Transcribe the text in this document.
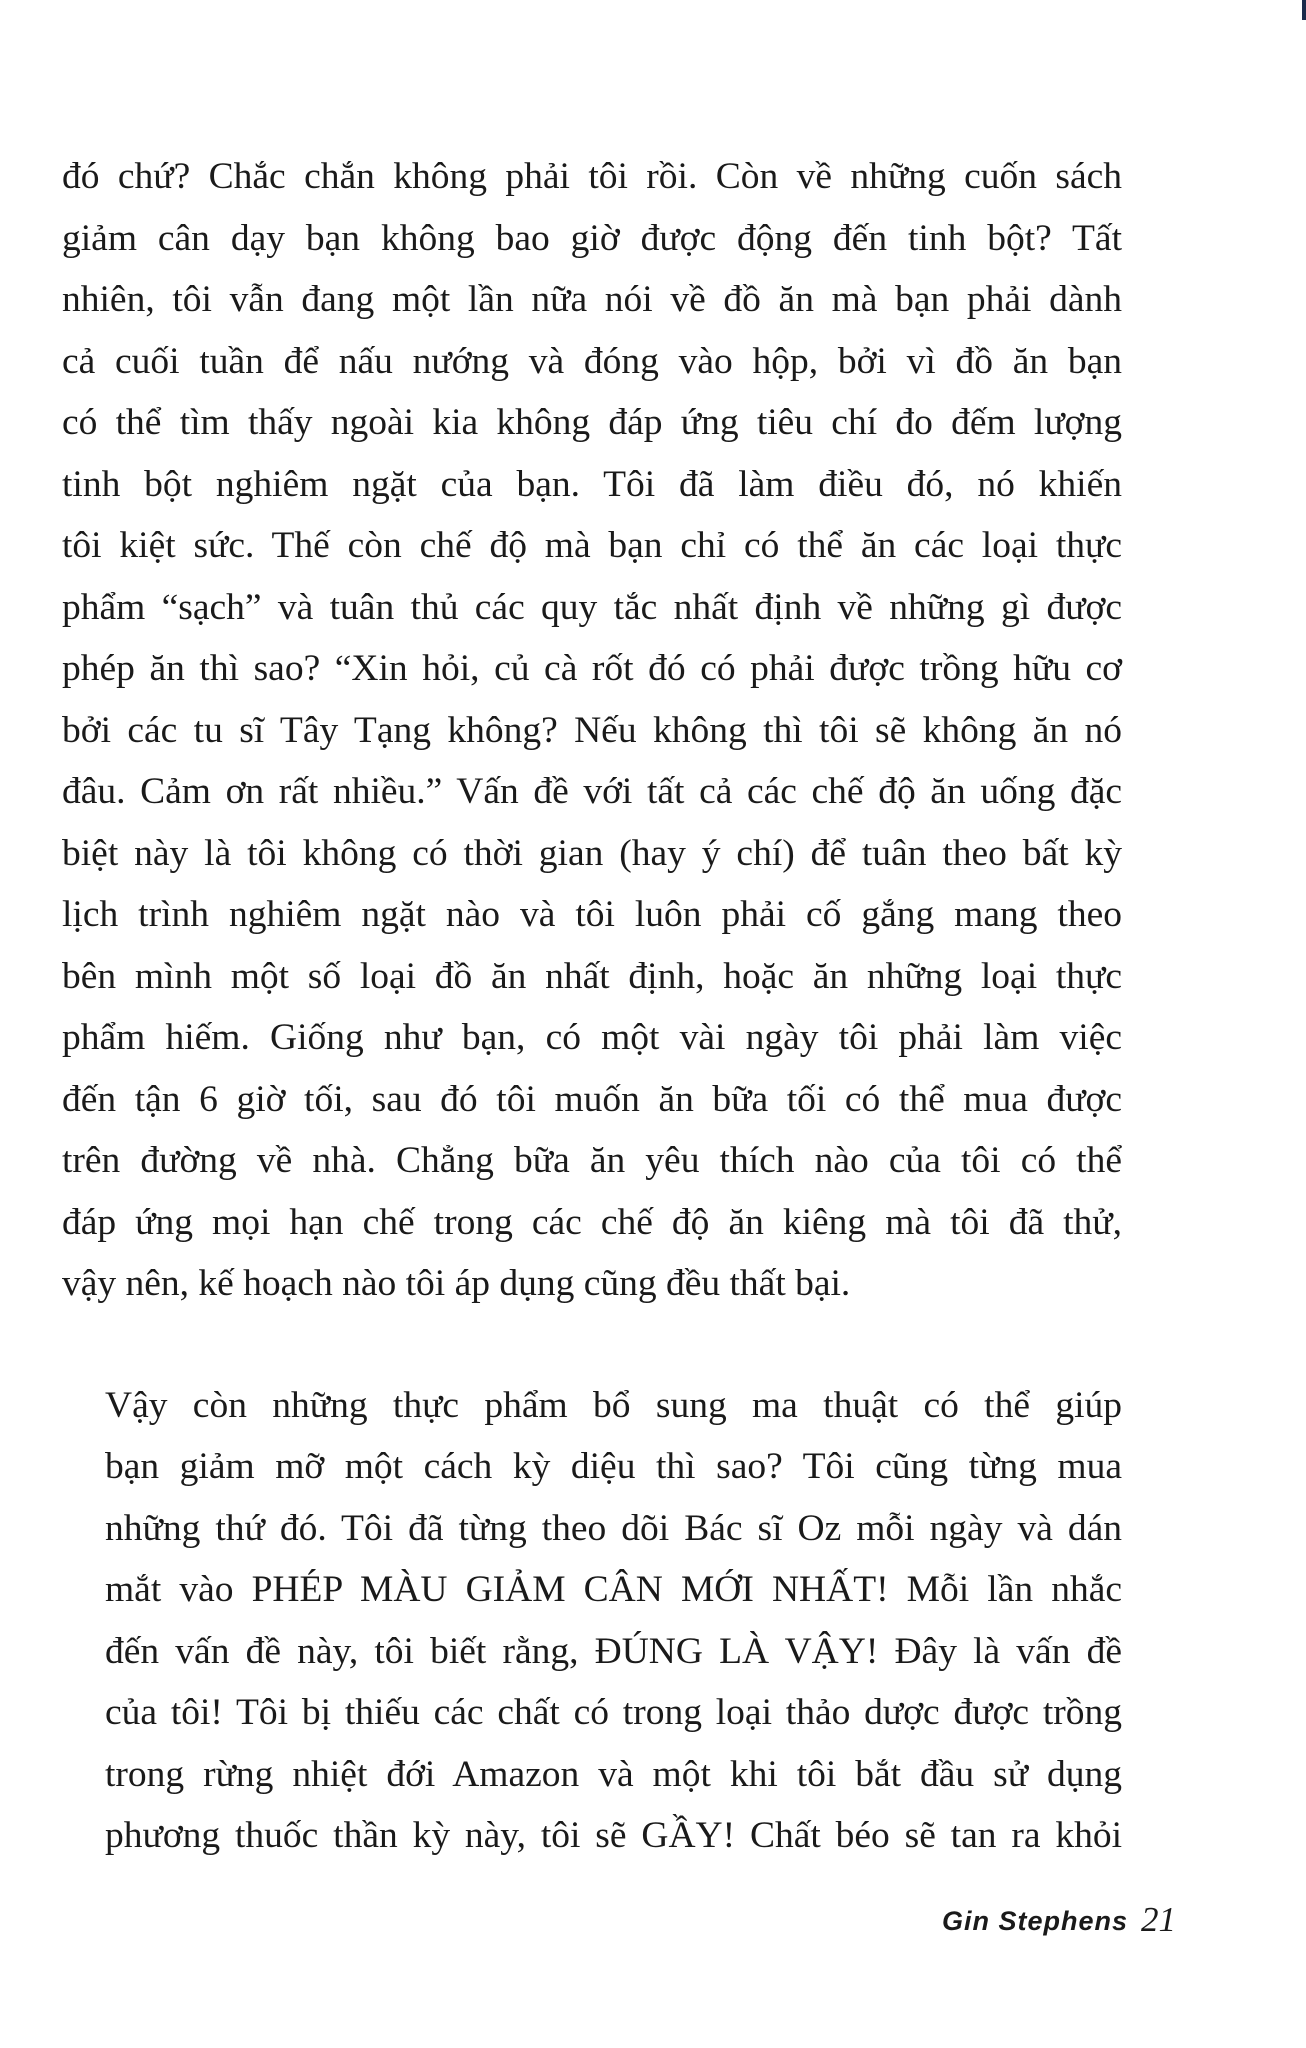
đó chứ? Chắc chắn không phải tôi rồi. Còn về những cuốn sách
giảm cân dạy bạn không bao giờ được động đến tinh bột? Tất
nhiên, tôi vẫn đang một lần nữa nói về đồ ăn mà bạn phải dành
cả cuối tuần để nấu nướng và đóng vào hộp, bởi vì đồ ăn bạn
có thể tìm thấy ngoài kia không đáp ứng tiêu chí đo đếm lượng
tinh bột nghiêm ngặt của bạn. Tôi đã làm điều đó, nó khiến
tôi kiệt sức. Thế còn chế độ mà bạn chỉ có thể ăn các loại thực
phẩm “sạch” và tuân thủ các quy tắc nhất định về những gì được
phép ăn thì sao? “Xin hỏi, củ cà rốt đó có phải được trồng hữu cơ
bởi các tu sĩ Tây Tạng không? Nếu không thì tôi sẽ không ăn nó
đâu. Cảm ơn rất nhiều.” Vấn đề với tất cả các chế độ ăn uống đặc
biệt này là tôi không có thời gian (hay ý chí) để tuân theo bất kỳ
lịch trình nghiêm ngặt nào và tôi luôn phải cố gắng mang theo
bên mình một số loại đồ ăn nhất định, hoặc ăn những loại thực
phẩm hiếm. Giống như bạn, có một vài ngày tôi phải làm việc
đến tận 6 giờ tối, sau đó tôi muốn ăn bữa tối có thể mua được
trên đường về nhà. Chẳng bữa ăn yêu thích nào của tôi có thể
đáp ứng mọi hạn chế trong các chế độ ăn kiêng mà tôi đã thử,
vậy nên, kế hoạch nào tôi áp dụng cũng đều thất bại.
Vậy còn những thực phẩm bổ sung ma thuật có thể giúp
bạn giảm mỡ một cách kỳ diệu thì sao? Tôi cũng từng mua
những thứ đó. Tôi đã từng theo dõi Bác sĩ Oz mỗi ngày và dán
mắt vào PHÉP MÀU GIẢM CÂN MỚI NHẤT! Mỗi lần nhắc
đến vấn đề này, tôi biết rằng, ĐÚNG LÀ VẬY! Đây là vấn đề
của tôi! Tôi bị thiếu các chất có trong loại thảo dược được trồng
trong rừng nhiệt đới Amazon và một khi tôi bắt đầu sử dụng
phương thuốc thần kỳ này, tôi sẽ GẦY! Chất béo sẽ tan ra khỏi
Gin Stephens 21
